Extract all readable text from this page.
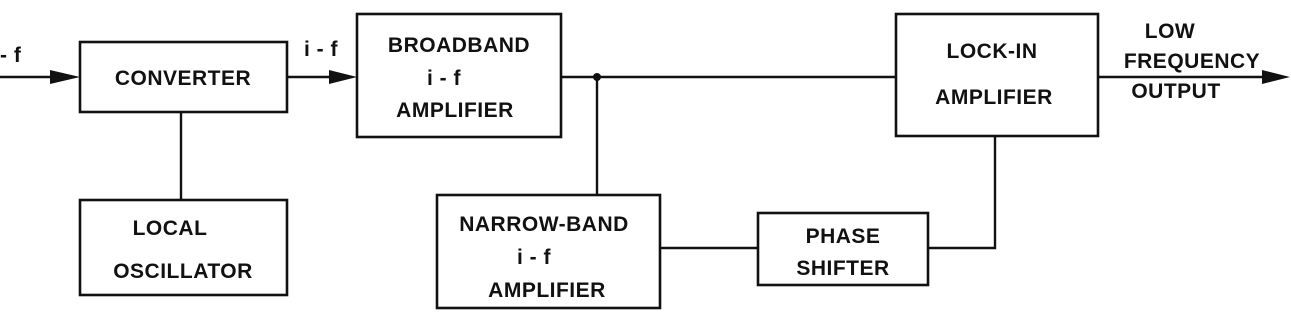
CONVERTER
LOCAL
OSCILLATOR
BROADBAND
i - f
AMPLIFIER
NARROW-BAND
i - f
AMPLIFIER
PHASE
SHIFTER
LOCK-IN
AMPLIFIER
- f	i - f
LOW
FREQUENCY
OUTPUT
